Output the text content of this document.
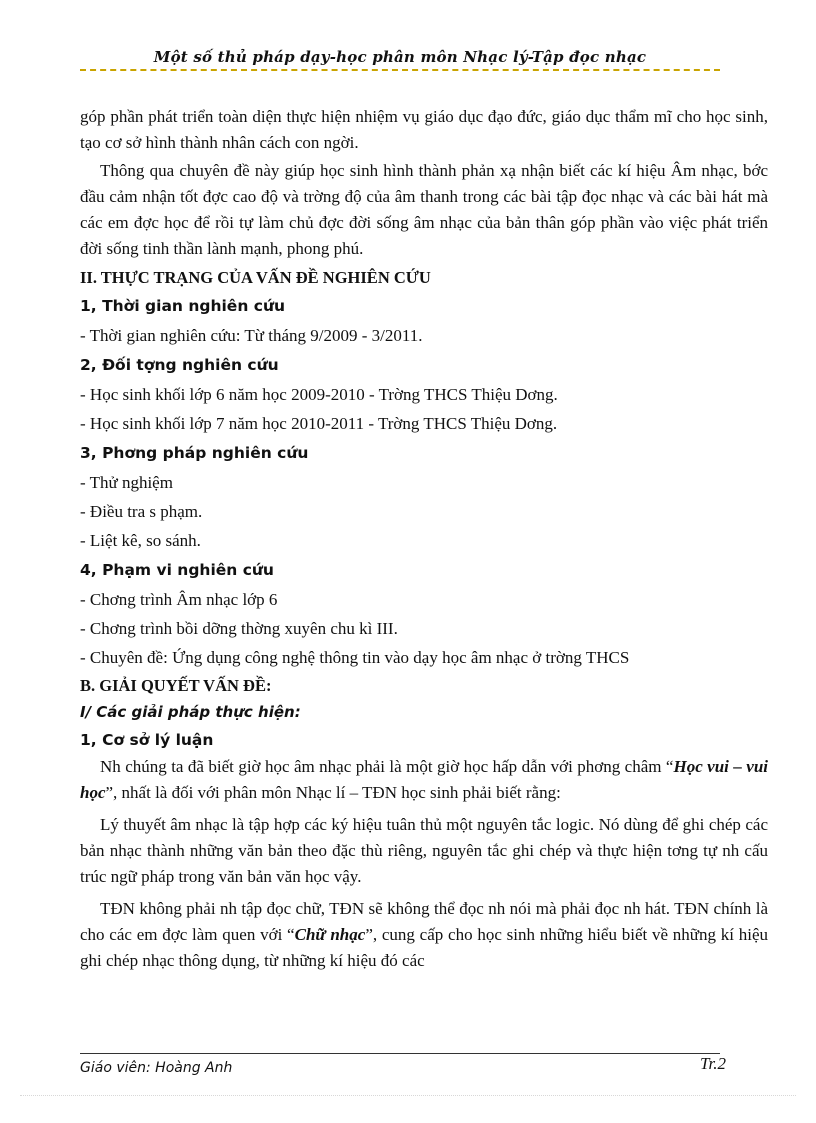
Một số thủ pháp dạy-học phân môn Nhạc lý-Tập đọc nhạc

góp phần phát triển toàn diện thực hiện nhiệm vụ giáo dục đạo đức, giáo dục thẩm mĩ cho học sinh, tạo cơ sở hình thành nhân cách con ngời.

Thông qua chuyên đề này giúp học sinh hình thành phản xạ nhận biết các kí hiệu Âm nhạc, bớc đầu cảm nhận tốt đợc cao độ và trờng độ của âm thanh trong các bài tập đọc nhạc và các bài hát mà các em đợc học để rồi tự làm chủ đợc đời sống âm nhạc của bản thân góp phần vào việc phát triển đời sống tinh thần lành mạnh, phong phú.

II. THỰC TRẠNG CỦA VẤN ĐỀ NGHIÊN CỨU

1, Thời gian nghiên cứu

- Thời gian nghiên cứu: Từ tháng 9/2009 - 3/2011.

2, Đối tợng nghiên cứu

- Học sinh khối lớp 6 năm học 2009-2010 - Trờng THCS Thiệu Dơng.

- Học sinh khối lớp 7 năm học 2010-2011 - Trờng THCS Thiệu Dơng.

3, Phơng pháp nghiên cứu

- Thử nghiệm

- Điều tra s phạm.

- Liệt kê, so sánh.

4, Phạm vi nghiên cứu

- Chơng trình Âm nhạc lớp 6

- Chơng trình bồi dỡng thờng xuyên chu kì III.

- Chuyên đề: Ứng dụng công nghệ thông tin vào dạy học âm nhạc ở trờng THCS

B. GIẢI QUYẾT VẤN ĐỀ:

I/ Các giải pháp thực hiện:

1, Cơ sở lý luận

Nh chúng ta đã biết giờ học âm nhạc phải là một giờ học hấp dẫn với phơng châm “Học vui – vui học”, nhất là đối với phân môn Nhạc lí – TĐN học sinh phải biết rằng:

Lý thuyết âm nhạc là tập hợp các ký hiệu tuân thủ một nguyên tắc logic. Nó dùng để ghi chép các bản nhạc thành những văn bản theo đặc thù riêng, nguyên tắc ghi chép và thực hiện tơng tự nh cấu trúc ngữ pháp trong văn bản văn học vậy.

TĐN không phải nh tập đọc chữ, TĐN sẽ không thể đọc nh nói mà phải đọc nh hát. TĐN chính là cho các em đợc làm quen với “Chữ nhạc”, cung cấp cho học sinh những hiểu biết về những kí hiệu ghi chép nhạc thông dụng, từ những kí hiệu đó các

Giáo viên: Hoàng Anh	Tr.2
